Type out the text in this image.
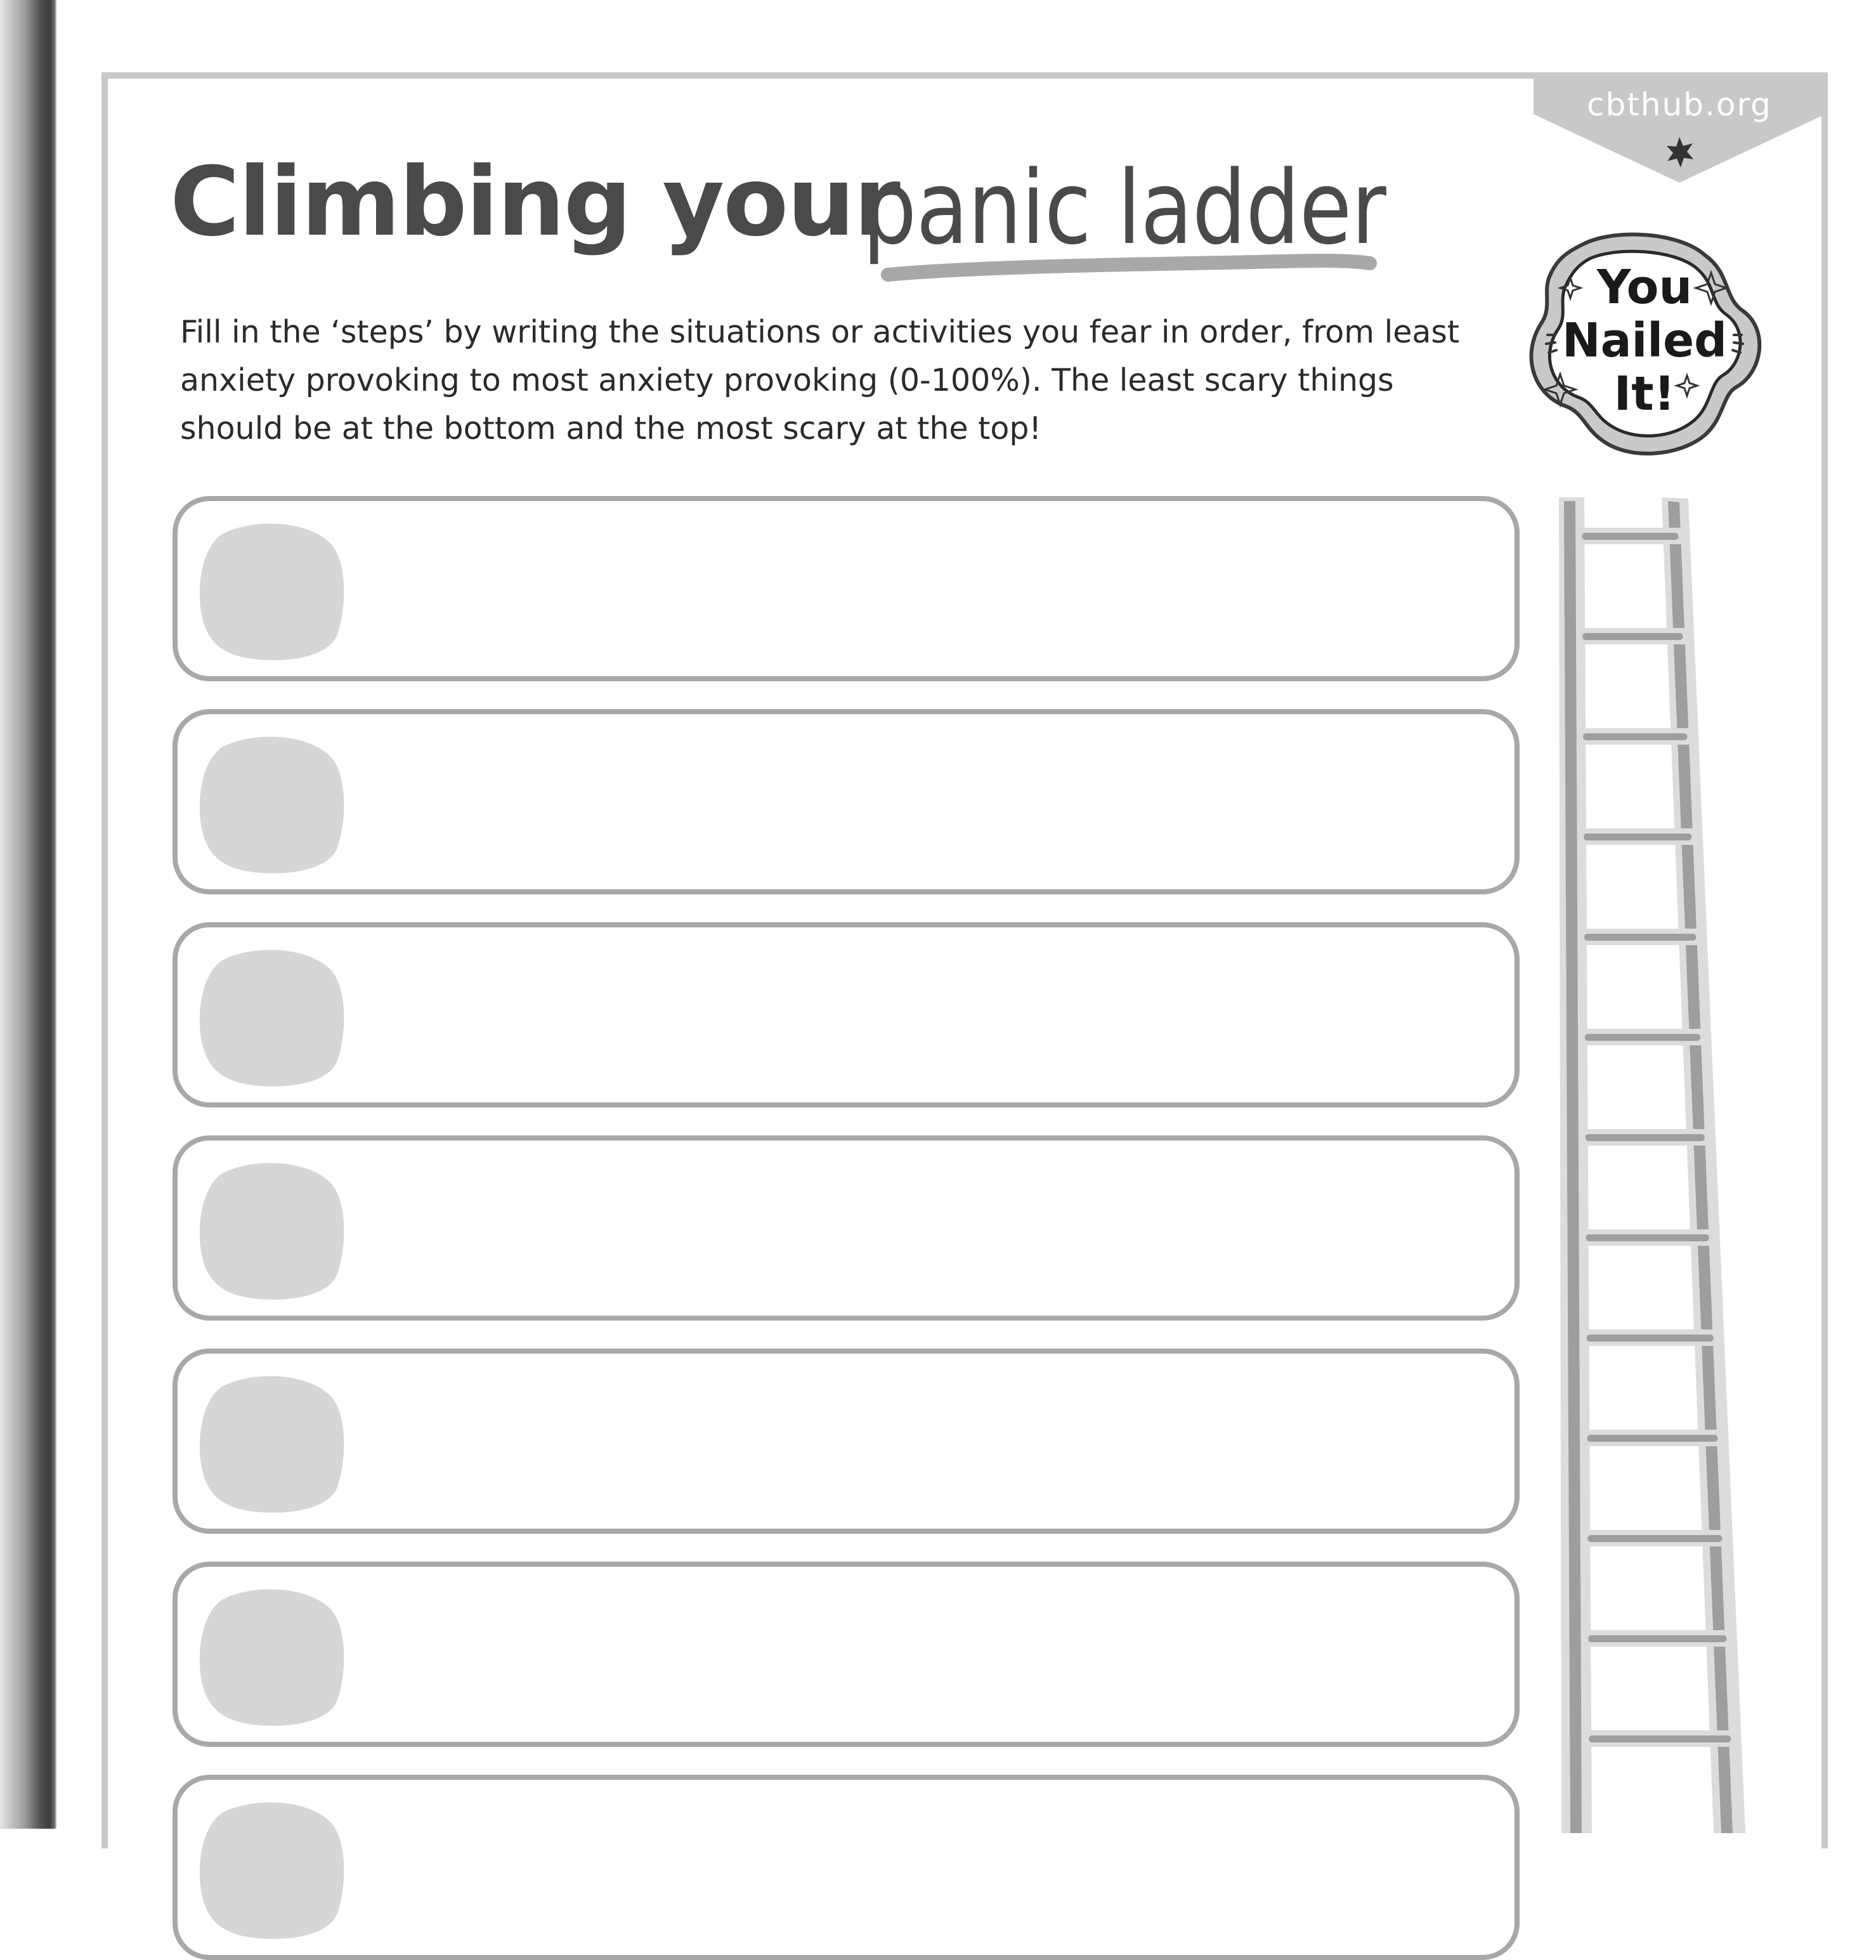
cbthub.org
Climbing your
panic ladder

Fill in the ‘steps’ by writing the situations or activities you fear in order, from least anxiety provoking to most anxiety provoking (0-100%). The least scary things should be at the bottom and the most scary at the top!

You
Nailed
It!
